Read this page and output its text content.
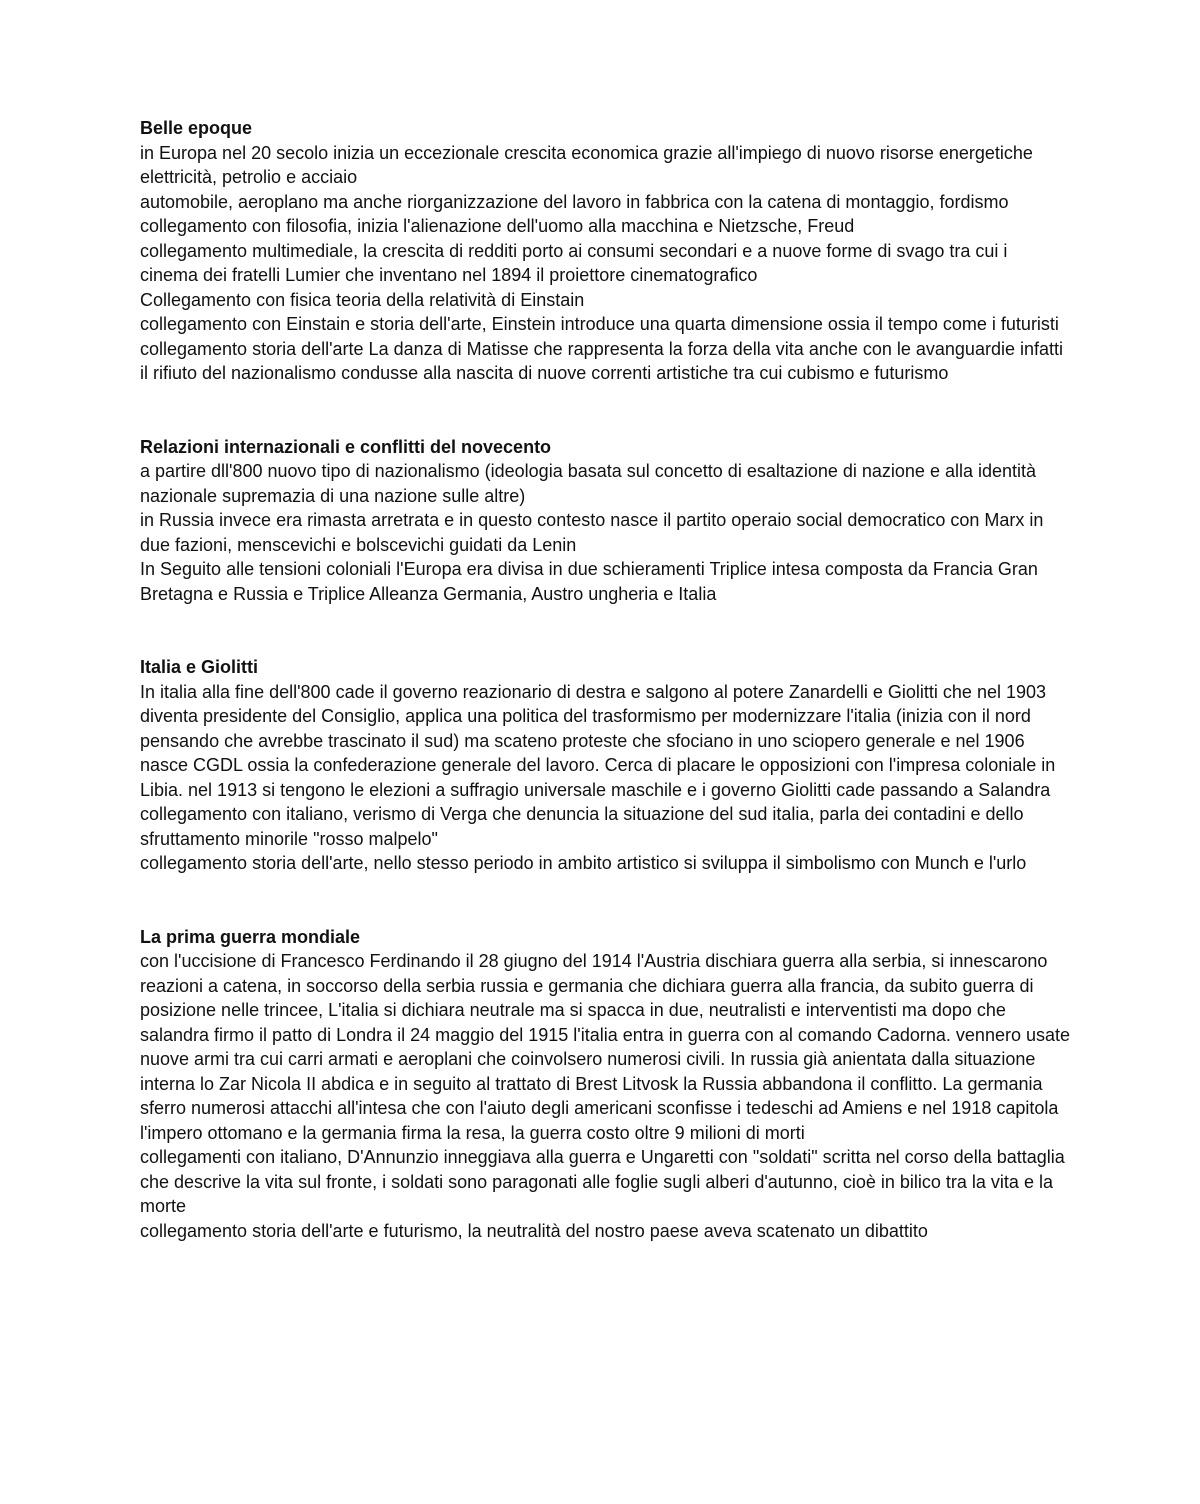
Belle epoque
in Europa nel 20 secolo inizia un eccezionale crescita economica grazie all'impiego di nuovo risorse energetiche elettricità, petrolio e acciaio
automobile, aeroplano ma anche riorganizzazione del lavoro in fabbrica con la catena di montaggio, fordismo
collegamento con filosofia, inizia l'alienazione dell'uomo alla macchina e Nietzsche, Freud
collegamento multimediale, la crescita di redditi porto ai consumi secondari e a nuove forme di svago tra cui i cinema dei fratelli Lumier che inventano nel 1894 il proiettore cinematografico
Collegamento con fisica teoria della relatività di Einstain
collegamento con Einstain e storia dell'arte, Einstein introduce una quarta dimensione ossia il tempo come i futuristi
collegamento storia dell'arte La danza di Matisse che rappresenta la forza della vita anche con le avanguardie infatti il rifiuto del nazionalismo condusse alla nascita di nuove correnti artistiche tra cui cubismo e futurismo
Relazioni internazionali e conflitti del novecento
a partire dll'800 nuovo tipo di nazionalismo (ideologia basata sul concetto di esaltazione di nazione e alla identità nazionale supremazia di una nazione sulle altre)
in Russia invece era rimasta arretrata e in questo contesto nasce il partito operaio social democratico con Marx in due fazioni, menscevichi e bolscevichi guidati da Lenin
In Seguito alle tensioni coloniali l'Europa era divisa in due schieramenti Triplice intesa composta da Francia Gran Bretagna e Russia e Triplice Alleanza Germania, Austro ungheria e Italia
Italia e Giolitti
In italia alla fine dell'800 cade il governo reazionario di destra e salgono al potere Zanardelli e Giolitti che nel 1903 diventa presidente del Consiglio, applica una politica del trasformismo per modernizzare l'italia (inizia con il nord pensando che avrebbe trascinato il sud) ma scateno proteste che sfociano in uno sciopero generale e nel 1906 nasce CGDL ossia la confederazione generale del lavoro. Cerca di placare le opposizioni con l'impresa coloniale in Libia. nel 1913 si tengono le elezioni a suffragio universale maschile e i governo Giolitti cade passando a Salandra
collegamento con italiano, verismo di Verga che denuncia la situazione del sud italia, parla dei contadini e dello sfruttamento minorile "rosso malpelo"
collegamento storia dell'arte, nello stesso periodo in ambito artistico si sviluppa il simbolismo con Munch e l'urlo
La prima guerra mondiale
con l'uccisione di Francesco Ferdinando il 28 giugno del 1914 l'Austria dischiara guerra alla serbia, si innescarono reazioni a catena, in soccorso della serbia russia e germania che dichiara guerra alla francia, da subito guerra di posizione nelle trincee, L'italia si dichiara neutrale ma si spacca in due, neutralisti e interventisti ma dopo che salandra firmo il patto di Londra il 24 maggio del 1915 l'italia entra in guerra con al comando Cadorna. vennero usate nuove armi tra cui carri armati e aeroplani che coinvolsero numerosi civili. In russia già anientata dalla situazione interna lo Zar Nicola II abdica e in seguito al trattato di Brest Litvosk la Russia abbandona il conflitto. La germania sferro numerosi attacchi all'intesa che con l'aiuto degli americani sconfisse i tedeschi ad Amiens e nel 1918 capitola l'impero ottomano e la germania firma la resa, la guerra costo oltre 9 milioni di morti
collegamenti con italiano, D'Annunzio inneggiava alla guerra e Ungaretti con "soldati" scritta nel corso della battaglia che descrive la vita sul fronte, i soldati sono paragonati alle foglie sugli alberi d'autunno, cioè in bilico tra la vita e la morte
collegamento storia dell'arte e futurismo, la neutralità del nostro paese aveva scatenato un dibattito
